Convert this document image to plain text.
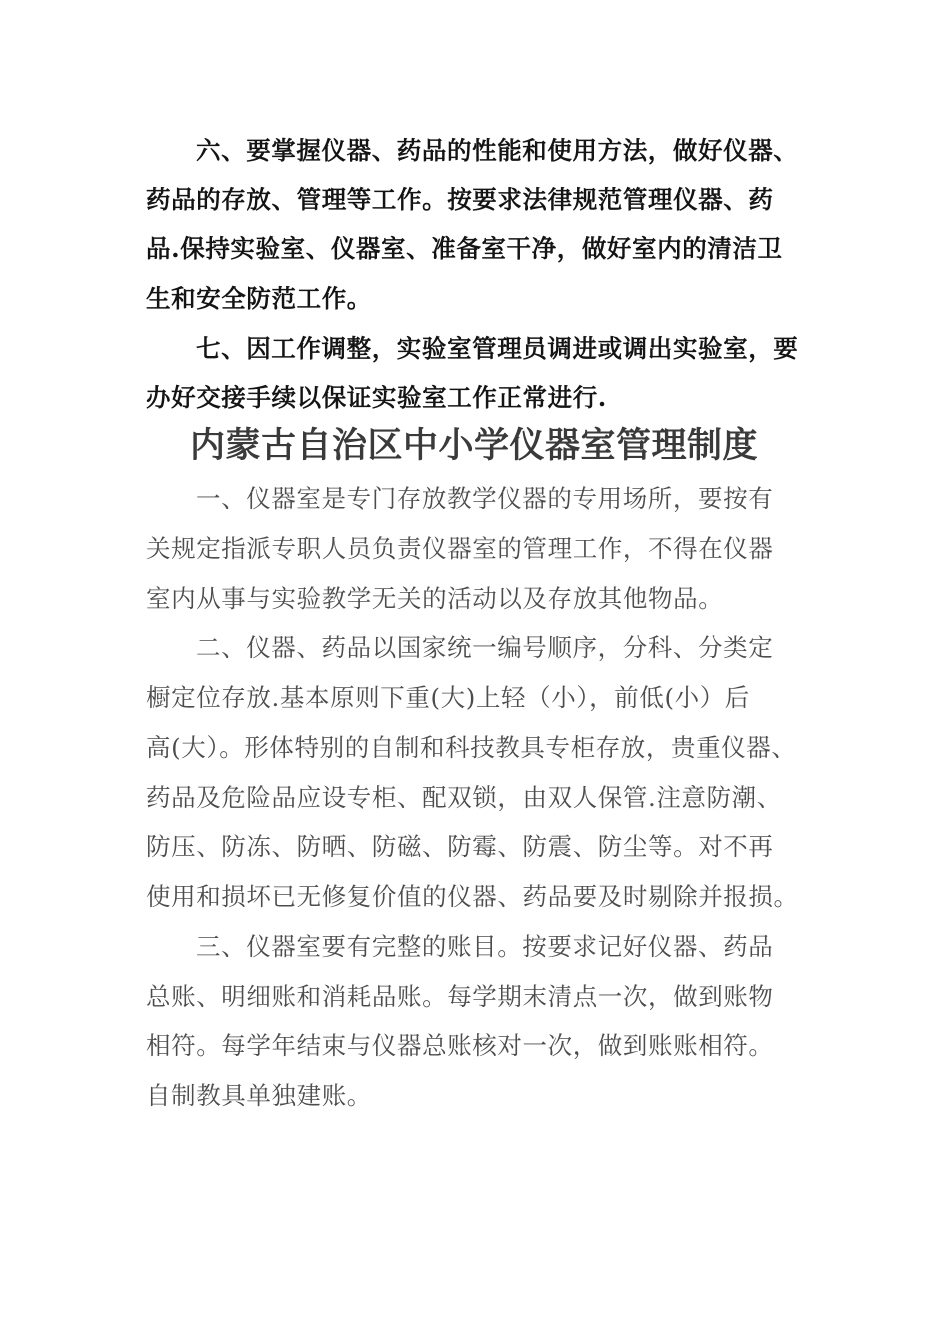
六、要掌握仪器、药品的性能和使用方法，做好仪器、
药品的存放、管理等工作。按要求法律规范管理仪器、药
品.保持实验室、仪器室、准备室干净，做好室内的清洁卫
生和安全防范工作。
七、因工作调整，实验室管理员调进或调出实验室，要
办好交接手续以保证实验室工作正常进行.
内蒙古自治区中小学仪器室管理制度
一、仪器室是专门存放教学仪器的专用场所，要按有
关规定指派专职人员负责仪器室的管理工作，不得在仪器
室内从事与实验教学无关的活动以及存放其他物品。
二、仪器、药品以国家统一编号顺序，分科、分类定
橱定位存放.基本原则下重(大)上轻（小），前低(小）后
高(大）。形体特别的自制和科技教具专柜存放，贵重仪器、
药品及危险品应设专柜、配双锁，由双人保管.注意防潮、
防压、防冻、防晒、防磁、防霉、防震、防尘等。对不再
使用和损坏已无修复价值的仪器、药品要及时剔除并报损。
三、仪器室要有完整的账目。按要求记好仪器、药品
总账、明细账和消耗品账。每学期末清点一次，做到账物
相符。每学年结束与仪器总账核对一次，做到账账相符。
自制教具单独建账。
